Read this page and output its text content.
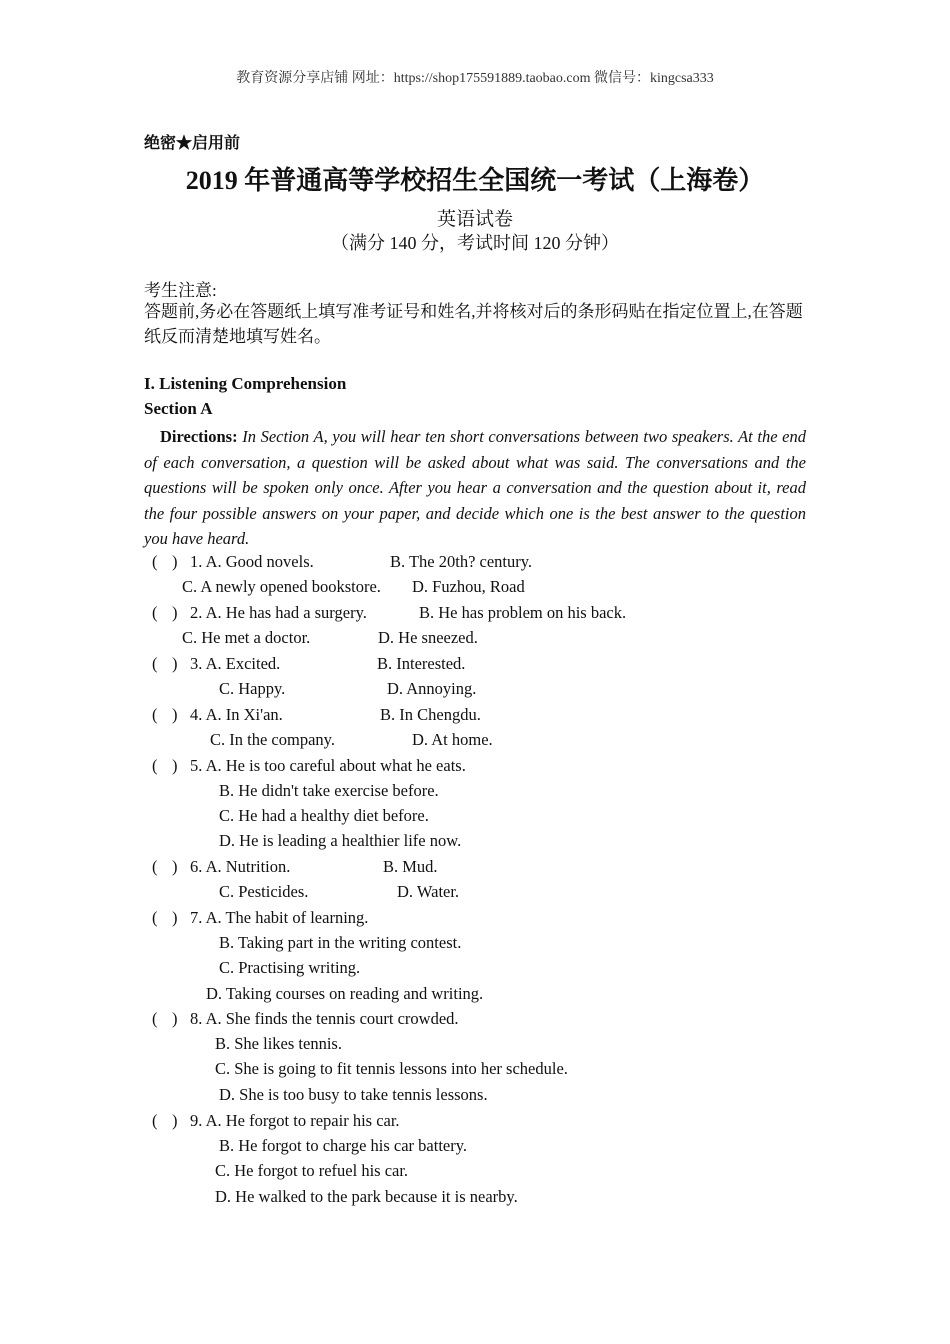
教育资源分享店铺 网址：https://shop175591889.taobao.com 微信号：kingcsa333
绝密★启用前
2019 年普通高等学校招生全国统一考试（上海卷）
英语试卷
（满分 140 分，考试时间 120 分钟）
考生注意:
答题前,务必在答题纸上填写准考证号和姓名,并将核对后的条形码贴在指定位置上,在答题纸反而清楚地填写姓名。
I. Listening Comprehension
Section A
Directions: In Section A, you will hear ten short conversations between two speakers. At the end of each conversation, a question will be asked about what was said. The conversations and the questions will be spoken only once. After you hear a conversation and the question about it, read the four possible answers on your paper, and decide which one is the best answer to the question you have heard.
( ) 1. A. Good novels.	B. The 20th? century.
C. A newly opened bookstore. D. Fuzhou, Road
( ) 2. A. He has had a surgery.	B. He has problem on his back.
C. He met a doctor.	D. He sneezed.
( ) 3. A. Excited.	B. Interested.
C. Happy.	D. Annoying.
( ) 4. A. In Xi'an.	B. In Chengdu.
C. In the company.	D. At home.
( ) 5. A. He is too careful about what he eats.
B. He didn't take exercise before.
C. He had a healthy diet before.
D. He is leading a healthier life now.
( ) 6. A. Nutrition.	B. Mud.
C. Pesticides.	D. Water.
( ) 7. A. The habit of learning.
B. Taking part in the writing contest.
C. Practising writing.
D. Taking courses on reading and writing.
( ) 8. A. She finds the tennis court crowded.
B. She likes tennis.
C. She is going to fit tennis lessons into her schedule.
D. She is too busy to take tennis lessons.
( ) 9. A. He forgot to repair his car.
B. He forgot to charge his car battery.
C. He forgot to refuel his car.
D. He walked to the park because it is nearby.
